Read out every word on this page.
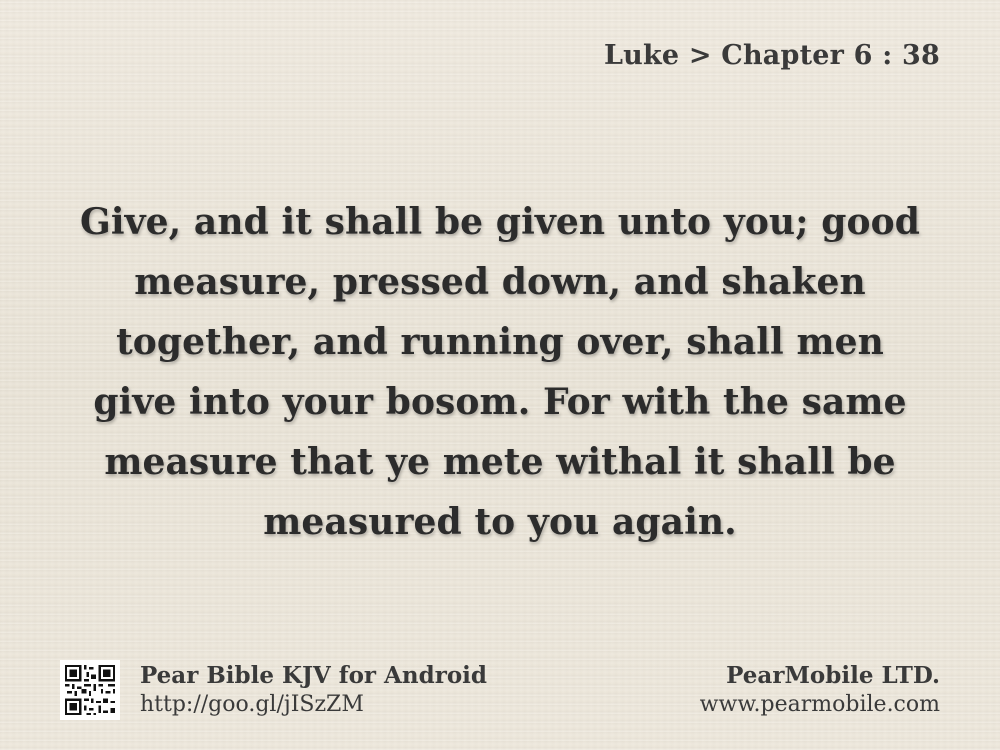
Luke > Chapter 6 : 38
Give, and it shall be given unto you; good
measure, pressed down, and shaken
together, and running over, shall men
give into your bosom. For with the same
measure that ye mete withal it shall be
measured to you again.
Pear Bible KJV for Android
http://goo.gl/jISzZM
PearMobile LTD.
www.pearmobile.com
